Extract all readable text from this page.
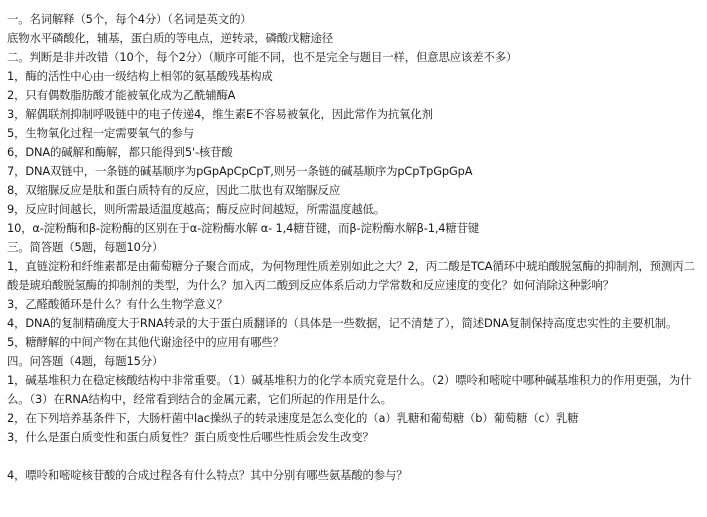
一。名词解释（5个，每个4分）（名词是英文的）
底物水平磷酸化，辅基，蛋白质的等电点，逆转录，磷酸戊糖途径
二。判断是非并改错（10个，每个2分）（顺序可能不同，也不是完全与题目一样，但意思应该差不多）
1，酶的活性中心由一级结构上相邻的氨基酸残基构成
2，只有偶数脂肪酸才能被氧化成为乙酰辅酶A
3，解偶联剂抑制呼吸链中的电子传递4，维生素E不容易被氧化，因此常作为抗氧化剂
5，生物氧化过程一定需要氧气的参与
6，DNA的碱解和酶解，都只能得到5'-核苷酸
7，DNA双链中，一条链的碱基顺序为pGpApCpCpT,则另一条链的碱基顺序为pCpTpGpGpA
8，双缩脲反应是肽和蛋白质特有的反应，因此二肽也有双缩脲反应
9，反应时间越长，则所需最适温度越高；酶反应时间越短，所需温度越低。
10，α-淀粉酶和β-淀粉酶的区别在于α-淀粉酶水解 α- 1,4糖苷键，而β-淀粉酶水解β-1,4糖苷键
三。简答题（5题，每题10分）
1，直链淀粉和纤维素都是由葡萄糖分子聚合而成，为何物理性质差别如此之大？2，丙二酸是TCA循环中琥珀酸脱氢酶的抑制剂，预测丙二酸是琥珀酸脱氢酶的抑制剂的类型，为什么？加入丙二酸到反应体系后动力学常数和反应速度的变化？如何消除这种影响？
3，乙醛酸循环是什么？有什么生物学意义？
4，DNA的复制精确度大于RNA转录的大于蛋白质翻译的（具体是一些数据，记不清楚了），简述DNA复制保持高度忠实性的主要机制。
5，糖酵解的中间产物在其他代谢途径中的应用有哪些？
四。问答题（4题，每题15分）
1，碱基堆积力在稳定核酸结构中非常重要。（1）碱基堆积力的化学本质究竟是什么。（2）嘌呤和嘧啶中哪种碱基堆积力的作用更强，为什么。（3）在RNA结构中，经常看到结合的金属元素，它们所起的作用是什么。
2，在下列培养基条件下，大肠杆菌中lac操纵子的转录速度是怎么变化的（a）乳糖和葡萄糖（b）葡萄糖（c）乳糖
3，什么是蛋白质变性和蛋白质复性？蛋白质变性后哪些性质会发生改变？
4，嘌呤和嘧啶核苷酸的合成过程各有什么特点？其中分别有哪些氨基酸的参与？
